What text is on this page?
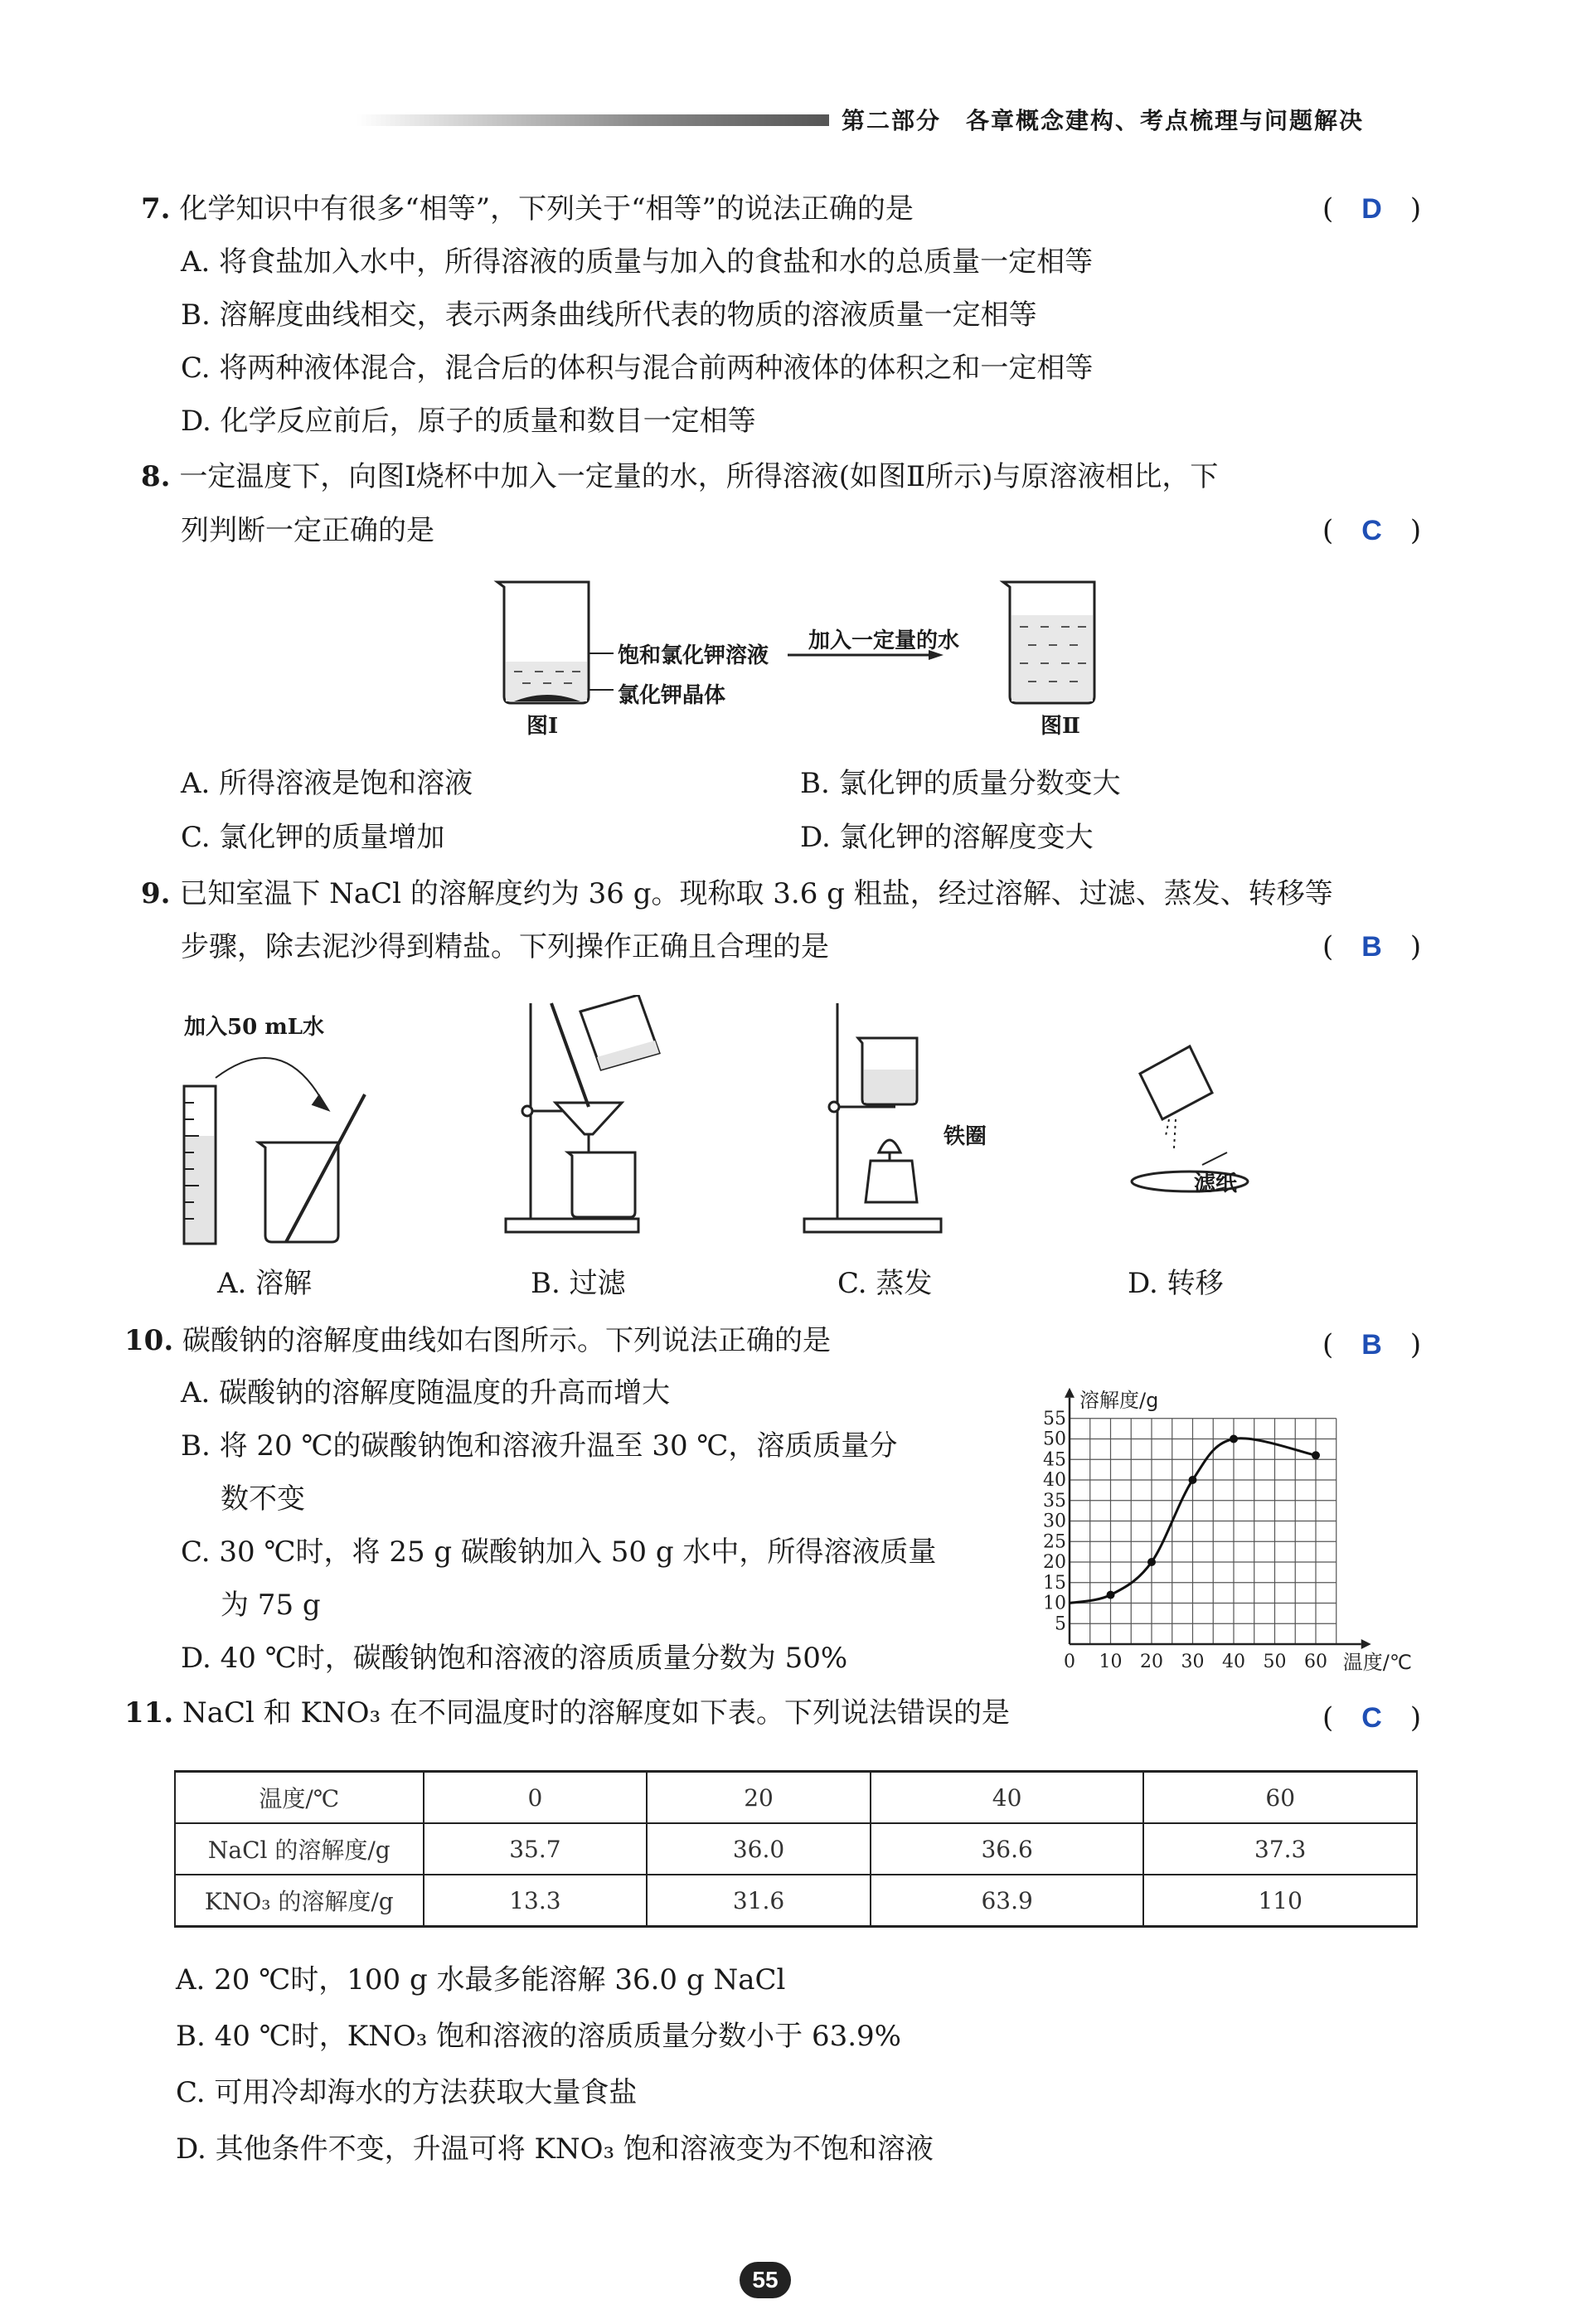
第二部分　各章概念建构、考点梳理与问题解决
7. 化学知识中有很多“相等”，下列关于“相等”的说法正确的是	(　D　)
A. 将食盐加入水中，所得溶液的质量与加入的食盐和水的总质量一定相等
B. 溶解度曲线相交，表示两条曲线所代表的物质的溶液质量一定相等
C. 将两种液体混合，混合后的体积与混合前两种液体的体积之和一定相等
D. 化学反应前后，原子的质量和数目一定相等
8. 一定温度下，向图Ⅰ烧杯中加入一定量的水，所得溶液(如图Ⅱ所示)与原溶液相比，下
列判断一定正确的是	(　C　)
饱和氯化钾溶液
氯化钾晶体
加入一定量的水
图Ⅰ	图Ⅱ
A. 所得溶液是饱和溶液	B. 氯化钾的质量分数变大
C. 氯化钾的质量增加	D. 氯化钾的溶解度变大
9. 已知室温下 NaCl 的溶解度约为 36 g。现称取 3.6 g 粗盐，经过溶解、过滤、蒸发、转移等
步骤，除去泥沙得到精盐。下列操作正确且合理的是	(　B　)
加入50 mL水
铁圈
滤纸
A. 溶解	B. 过滤	C. 蒸发	D. 转移
10. 碳酸钠的溶解度曲线如右图所示。下列说法正确的是	(　B　)
A. 碳酸钠的溶解度随温度的升高而增大
B. 将 20 ℃的碳酸钠饱和溶液升温至 30 ℃，溶质质量分
数不变
C. 30 ℃时，将 25 g 碳酸钠加入 50 g 水中，所得溶液质量
为 75 g
D. 40 ℃时，碳酸钠饱和溶液的溶质质量分数为 50%	0 10 20 30 40 50 60
5
10
15
20
25
30
35
40
45
50
55
溶解度/g
温度/℃
11. NaCl 和 KNO₃ 在不同温度时的溶解度如下表。下列说法错误的是	(　C　)
温度/℃	0	20	40	60
NaCl 的溶解度/g	35.7	36.0	36.6	37.3
KNO₃ 的溶解度/g	13.3	31.6	63.9	110
A. 20 ℃时，100 g 水最多能溶解 36.0 g NaCl
B. 40 ℃时，KNO₃ 饱和溶液的溶质质量分数小于 63.9%
C. 可用冷却海水的方法获取大量食盐
D. 其他条件不变，升温可将 KNO₃ 饱和溶液变为不饱和溶液
55
